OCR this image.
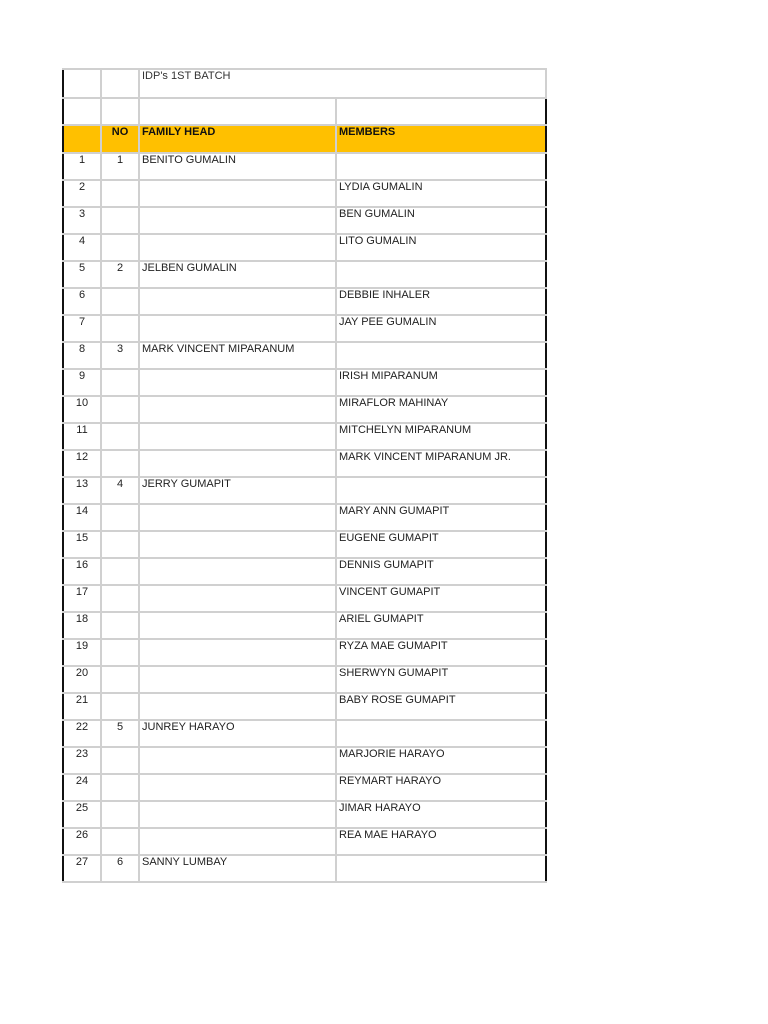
		IDP's 1ST BATCH	

	NO	FAMILY HEAD	MEMBERS
1	1	BENITO GUMALIN	
2			LYDIA GUMALIN
3			BEN GUMALIN
4			LITO GUMALIN
5	2	JELBEN GUMALIN	
6			DEBBIE INHALER
7			JAY PEE GUMALIN
8	3	MARK VINCENT MIPARANUM	
9			IRISH MIPARANUM
10			MIRAFLOR MAHINAY
11			MITCHELYN MIPARANUM
12			MARK VINCENT MIPARANUM JR.
13	4	JERRY GUMAPIT	
14			MARY ANN GUMAPIT
15			EUGENE GUMAPIT
16			DENNIS GUMAPIT
17			VINCENT GUMAPIT
18			ARIEL GUMAPIT
19			RYZA MAE GUMAPIT
20			SHERWYN GUMAPIT
21			BABY ROSE GUMAPIT
22	5	JUNREY HARAYO	
23			MARJORIE HARAYO
24			REYMART HARAYO
25			JIMAR HARAYO
26			REA MAE HARAYO
27	6	SANNY LUMBAY	
